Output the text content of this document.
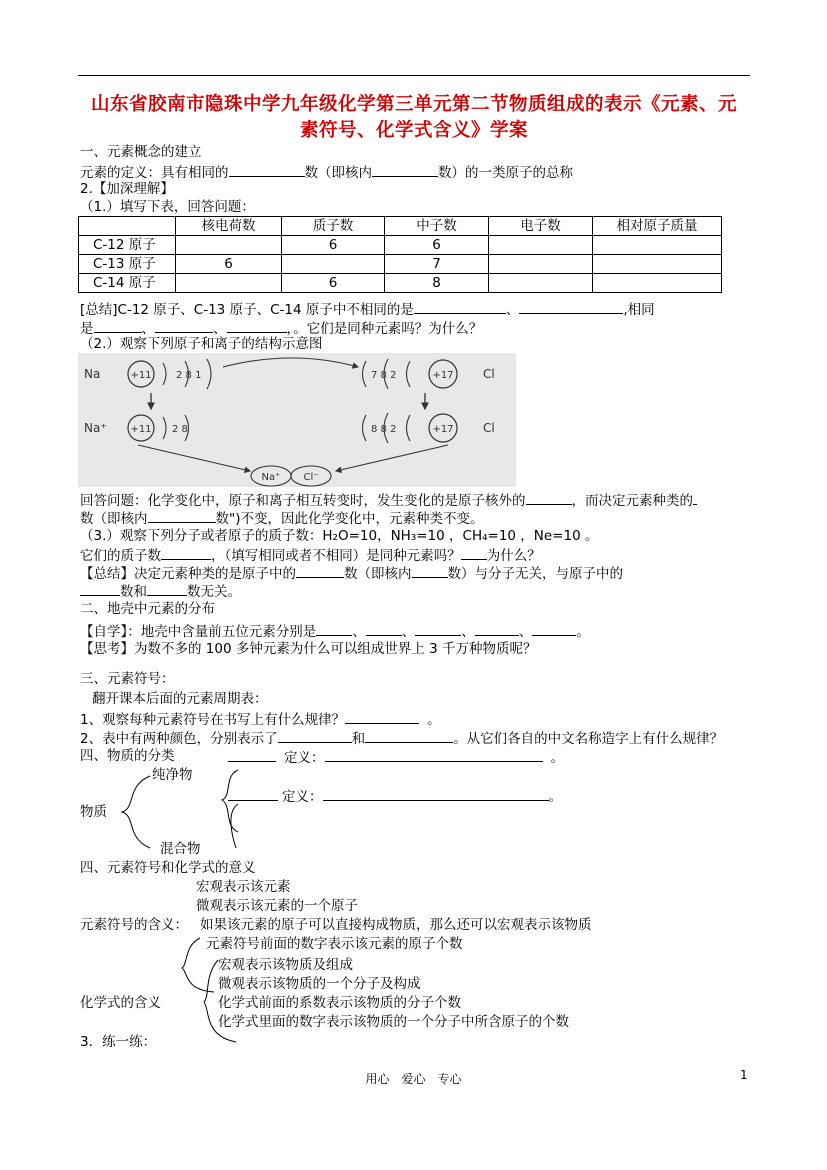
山东省胶南市隐珠中学九年级化学第三单元第二节物质组成的表示《元素、元
素符号、化学式含义》学案
一、元素概念的建立
元素的定义：具有相同的	数（即核内	数）的一类原子的总称
2.【加深理解】
（1.）填写下表，回答问题：
	核电荷数	质子数	中子数	电子数	相对原子质量
C-12 原子		6	6		
C-13 原子	6		7		
C-14 原子		6	8		
[总结]C-12 原子、C-13 原子、C-14 原子中不相同的是	、	,相同
是	、	、	，。它们是同种元素吗？为什么？
（2.）观察下列原子和离子的结构示意图
Na	+11 2 8 1	7 8 2	+17 Cl
Na⁺ +11 2 8	8 8 2	+17 Cl
Na⁺ Cl⁻
回答问题：化学变化中，原子和离子相互转变时，发生变化的是原子核外的	，而决定元素种类的
数（即核内	数")不变，因此化学变化中，元素种类不变。
（3.）观察下列分子或者原子的质子数：H₂O=10，NH₃=10 ，CH₄=10 ，Ne=10 。
它们的质子数	，（填写相同或者不相同）是同种元素吗？ 为什么？
【总结】决定元素种类的是原子中的	数（即核内	数）与分子无关，与原子中的
数和	数无关。
二、地壳中元素的分布
【自学】：地壳中含量前五位元素分别是	、	、	、	、	。
【思考】为数不多的 100 多钟元素为什么可以组成世界上 3 千万种物质呢？
三、元素符号：
翻开课本后面的元素周期表：
1、观察每种元素符号在书写上有什么规律？	。
2、表中有两种颜色，分别表示了	和	。从它们各自的中文名称造字上有什么规律？
四、物质的分类	定义：	。
纯净物
定义：	。
物质
混合物
四、元素符号和化学式的意义
宏观表示该元素
微观表示该元素的一个原子
元素符号的含义： 如果该元素的原子可以直接构成物质，那么还可以宏观表示该物质
元素符号前面的数字表示该元素的原子个数
宏观表示该物质及组成
微观表示该物质的一个分子及构成
化学式的含义	化学式前面的系数表示该物质的分子个数
化学式里面的数字表示该物质的一个分子中所含原子的个数
3．练一练：
用心　爱心　专心	1
